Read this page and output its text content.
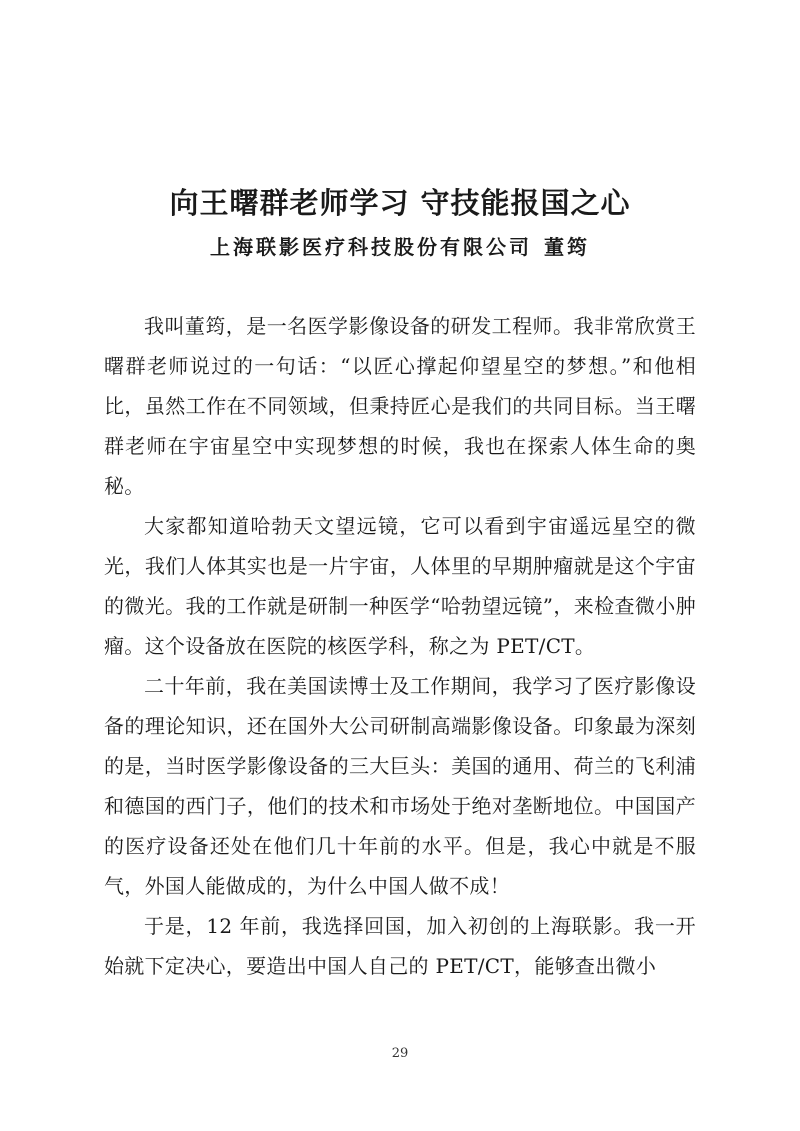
向王曙群老师学习 守技能报国之心
上海联影医疗科技股份有限公司 董筠

我叫董筠，是一名医学影像设备的研发工程师。我非常欣赏王曙群老师说过的一句话：“以匠心撑起仰望星空的梦想。”和他相比，虽然工作在不同领域，但秉持匠心是我们的共同目标。当王曙群老师在宇宙星空中实现梦想的时候，我也在探索人体生命的奥秘。

大家都知道哈勃天文望远镜，它可以看到宇宙遥远星空的微光，我们人体其实也是一片宇宙，人体里的早期肿瘤就是这个宇宙的微光。我的工作就是研制一种医学“哈勃望远镜”，来检查微小肿瘤。这个设备放在医院的核医学科，称之为 PET/CT。

二十年前，我在美国读博士及工作期间，我学习了医疗影像设备的理论知识，还在国外大公司研制高端影像设备。印象最为深刻的是，当时医学影像设备的三大巨头：美国的通用、荷兰的飞利浦和德国的西门子，他们的技术和市场处于绝对垄断地位。中国国产的医疗设备还处在他们几十年前的水平。但是，我心中就是不服气，外国人能做成的，为什么中国人做不成！

于是，12 年前，我选择回国，加入初创的上海联影。我一开始就下定决心，要造出中国人自己的 PET/CT，能够查出微小

29
